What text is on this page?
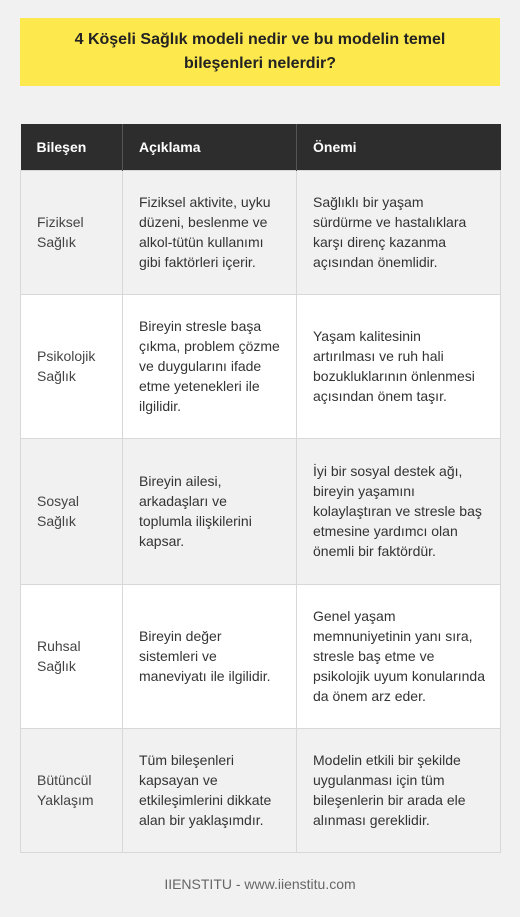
4 Köşeli Sağlık modeli nedir ve bu modelin temel bileşenleri nelerdir?
Bileşen	Açıklama	Önemi
Fiziksel Sağlık	Fiziksel aktivite, uyku düzeni, beslenme ve alkol-tütün kullanımı gibi faktörleri içerir.	Sağlıklı bir yaşam sürdürme ve hastalıklara karşı direnç kazanma açısından önemlidir.
Psikolojik Sağlık	Bireyin stresle başa çıkma, problem çözme ve duygularını ifade etme yetenekleri ile ilgilidir.	Yaşam kalitesinin artırılması ve ruh hali bozukluklarının önlenmesi açısından önem taşır.
Sosyal Sağlık	Bireyin ailesi, arkadaşları ve toplumla ilişkilerini kapsar.	İyi bir sosyal destek ağı, bireyin yaşamını kolaylaştıran ve stresle baş etmesine yardımcı olan önemli bir faktördür.
Ruhsal Sağlık	Bireyin değer sistemleri ve maneviyatı ile ilgilidir.	Genel yaşam memnuniyetinin yanı sıra, stresle baş etme ve psikolojik uyum konularında da önem arz eder.
Bütüncül Yaklaşım	Tüm bileşenleri kapsayan ve etkileşimlerini dikkate alan bir yaklaşımdır.	Modelin etkili bir şekilde uygulanması için tüm bileşenlerin bir arada ele alınması gereklidir.
IIENSTITU - www.iienstitu.com
